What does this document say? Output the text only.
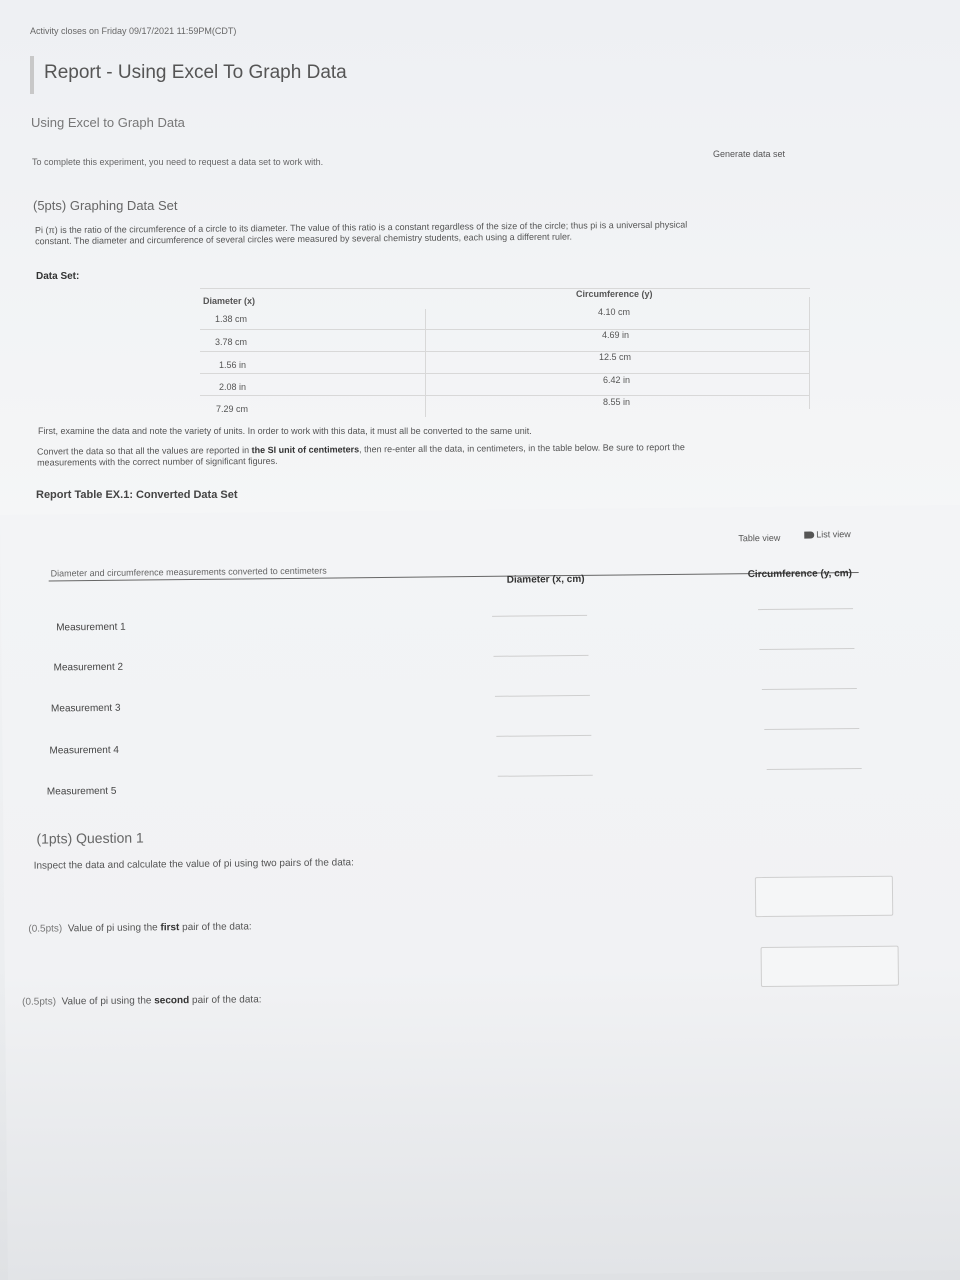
Activity closes on Friday 09/17/2021 11:59PM(CDT)
Report - Using Excel To Graph Data
Using Excel to Graph Data
To complete this experiment, you need to request a data set to work with.
Generate data set
(5pts) Graphing Data Set
Pi (π) is the ratio of the circumference of a circle to its diameter. The value of this ratio is a constant regardless of the size of the circle; thus pi is a universal physical
constant. The diameter and circumference of several circles were measured by several chemistry students, each using a different ruler.
Data Set:
Diameter (x)
Circumference (y)
1.38 cm
4.10 cm
3.78 cm
4.69 in
1.56 in
12.5 cm
2.08 in
6.42 in
7.29 cm
8.55 in
First, examine the data and note the variety of units. In order to work with this data, it must all be converted to the same unit.
Convert the data so that all the values are reported in the SI unit of centimeters, then re-enter all the data, in centimeters, in the table below. Be sure to report the
measurements with the correct number of significant figures.
Report Table EX.1: Converted Data Set
Table view	List view
Diameter and circumference measurements converted to centimeters
Diameter (x, cm)	Circumference (y, cm)
Measurement 1
Measurement 2
Measurement 3
Measurement 4
Measurement 5
(1pts) Question 1
Inspect the data and calculate the value of pi using two pairs of the data:
(0.5pts) Value of pi using the first pair of the data:
(0.5pts) Value of pi using the second pair of the data:
